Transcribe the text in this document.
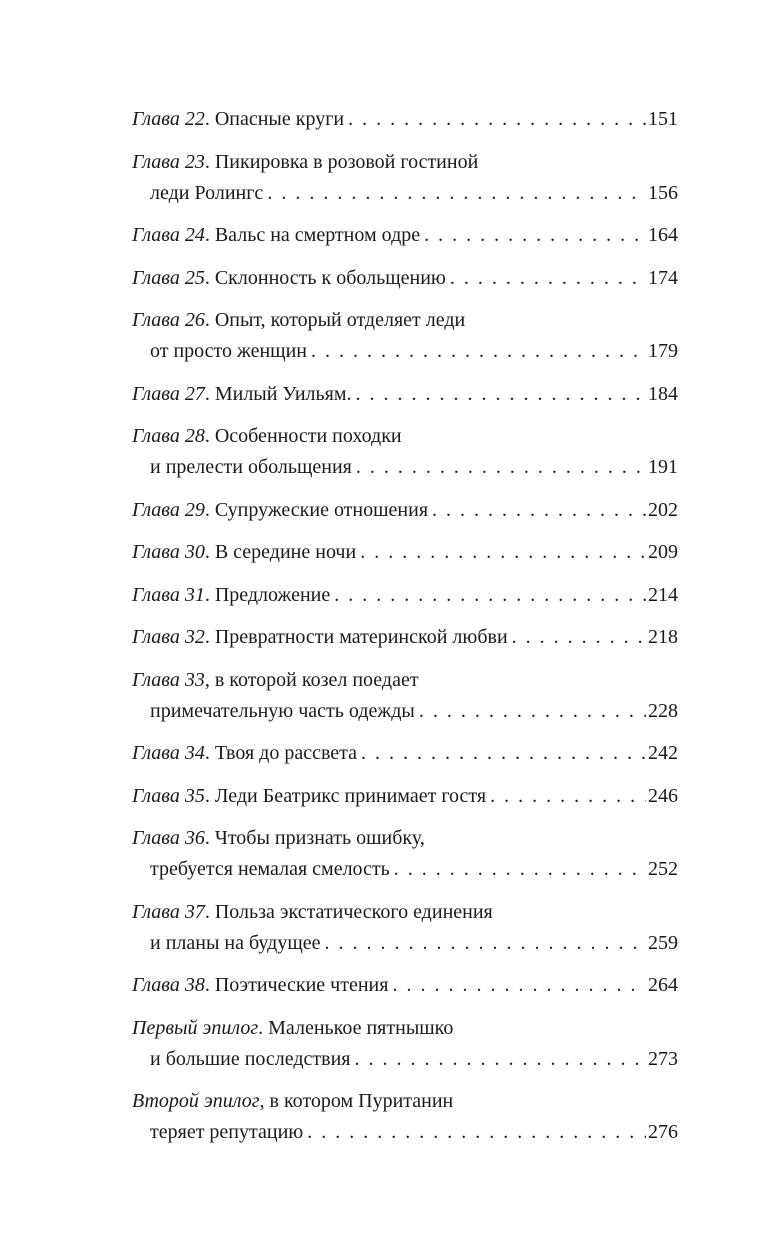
Глава 22 . Опасные круги . . .	151
Глава 23 . Пикировка в розовой гостиной
леди Ролингс . . .	156
Глава 24 . Вальс на смертном одре . . .	164
Глава 25 . Склонность к обольщению . . .	174
Глава 26 . Опыт, который отделяет леди
от просто женщин . . .	179
Глава 27 . Милый Уильям. . . .	184
Глава 28 . Особенности походки
и прелести обольщения . . .	191
Глава 29 . Супружеские отношения . . .	202
Глава 30 . В середине ночи . . .	209
Глава 31 . Предложение . . .	214
Глава 32 . Превратности материнской любви . . .	218
Глава 33 , в которой козел поедает
примечательную часть одежды . . .	228
Глава 34 . Твоя до рассвета . . .	242
Глава 35 . Леди Беатрикс принимает гостя . . .	246
Глава 36 . Чтобы признать ошибку,
требуется немалая смелость . . .	252
Глава 37 . Польза экстатического единения
и планы на будущее . . .	259
Глава 38 . Поэтические чтения . . .	264
Первый эпилог . Маленькое пятнышко
и большие последствия . . .	273
Второй эпилог , в котором Пуританин
теряет репутацию . . .	276
